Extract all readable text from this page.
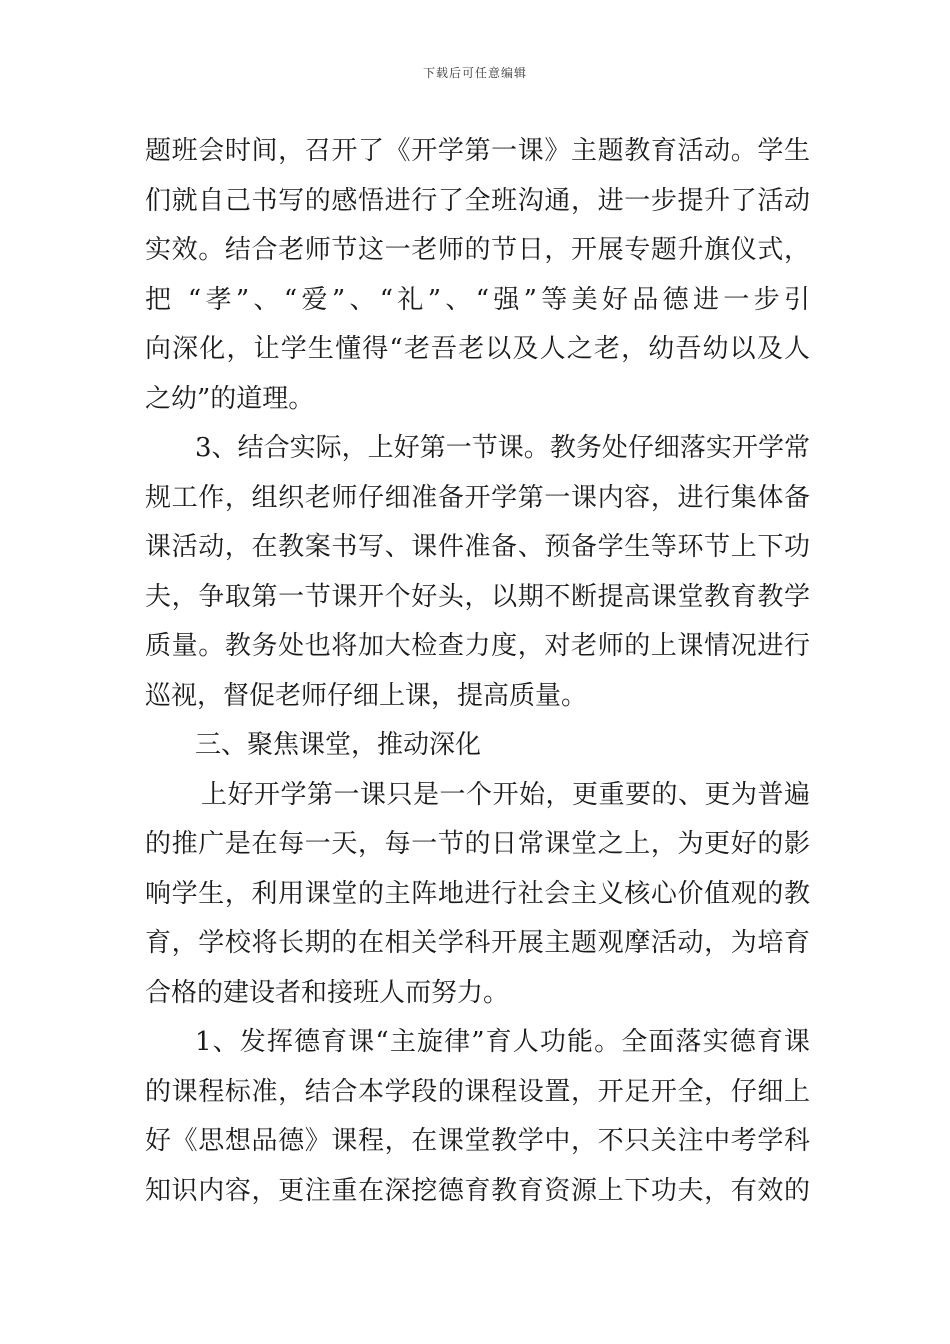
下载后可任意编辑
题班会时间，召开了《开学第一课》主题教育活动。学生
们就自己书写的感悟进行了全班沟通，进一步提升了活动
实效。结合老师节这一老师的节日，开展专题升旗仪式，
把 “孝”、“爱”、“礼”、“强”等美好品德进一步引
向深化，让学生懂得“老吾老以及人之老，幼吾幼以及人
之幼”的道理。
3、结合实际，上好第一节课。教务处仔细落实开学常
规工作，组织老师仔细准备开学第一课内容，进行集体备
课活动，在教案书写、课件准备、预备学生等环节上下功
夫，争取第一节课开个好头，以期不断提高课堂教育教学
质量。教务处也将加大检查力度，对老师的上课情况进行
巡视，督促老师仔细上课，提高质量。
三、聚焦课堂，推动深化
上好开学第一课只是一个开始，更重要的、更为普遍
的推广是在每一天，每一节的日常课堂之上，为更好的影
响学生，利用课堂的主阵地进行社会主义核心价值观的教
育，学校将长期的在相关学科开展主题观摩活动，为培育
合格的建设者和接班人而努力。
1、发挥德育课“主旋律”育人功能。全面落实德育课
的课程标准，结合本学段的课程设置，开足开全，仔细上
好《思想品德》课程，在课堂教学中，不只关注中考学科
知识内容，更注重在深挖德育教育资源上下功夫，有效的
